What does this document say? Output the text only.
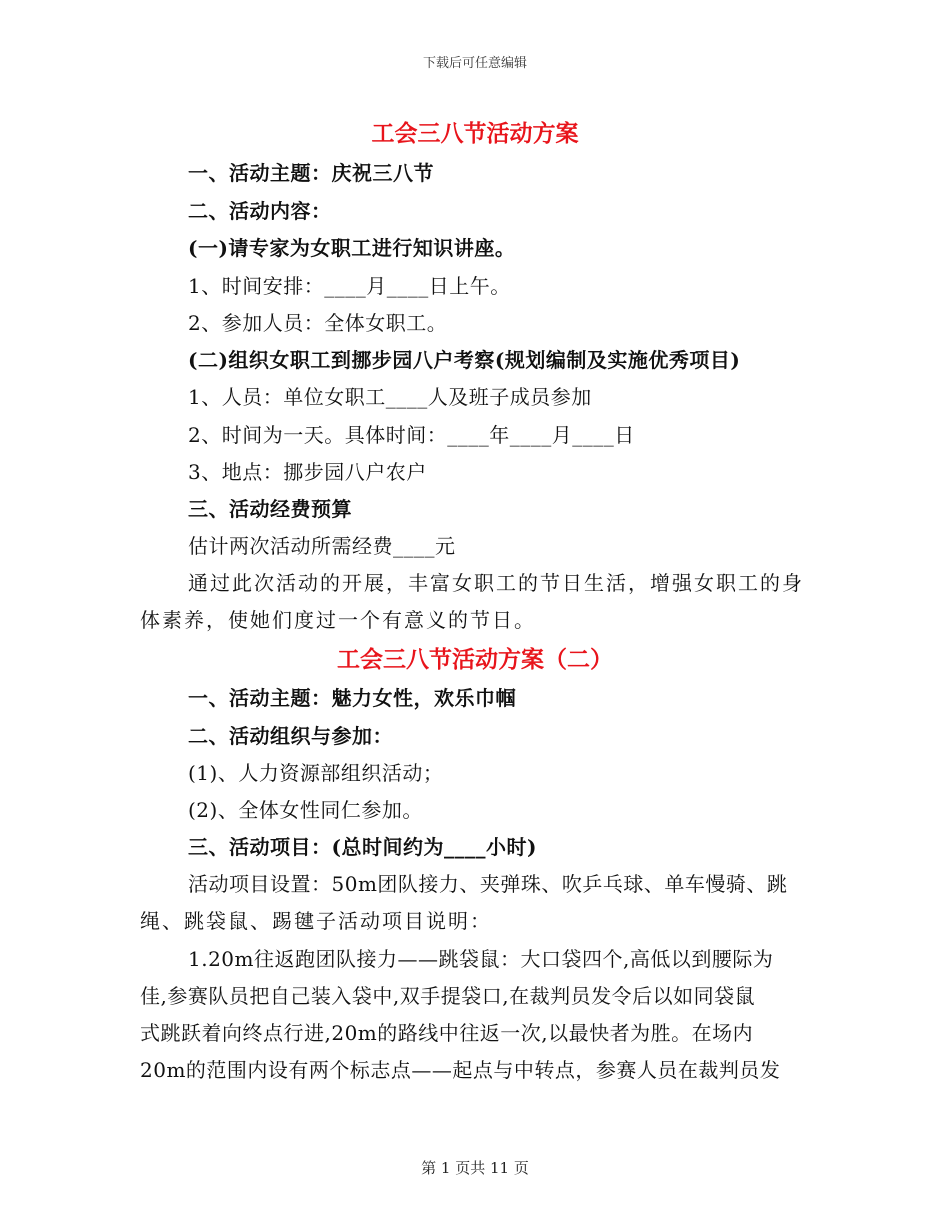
下载后可任意编辑
工会三八节活动方案
一、活动主题：庆祝三八节
二、活动内容：
(一)请专家为女职工进行知识讲座。
1、时间安排：____月____日上午。
2、参加人员：全体女职工。
(二)组织女职工到挪步园八户考察(规划编制及实施优秀项目)
1、人员：单位女职工____人及班子成员参加
2、时间为一天。具体时间：____年____月____日
3、地点：挪步园八户农户
三、活动经费预算
估计两次活动所需经费____元
通过此次活动的开展，丰富女职工的节日生活，增强女职工的身
体素养，使她们度过一个有意义的节日。
工会三八节活动方案（二）
一、活动主题：魅力女性，欢乐巾帼
二、活动组织与参加：
(1)、人力资源部组织活动；
(2)、全体女性同仁参加。
三、活动项目：(总时间约为____小时)
活动项目设置：50m团队接力、夹弹珠、吹乒乓球、单车慢骑、跳
绳、跳袋鼠、踢毽子活动项目说明：
1.20m往返跑团队接力——跳袋鼠：大口袋四个,高低以到腰际为
佳,参赛队员把自己装入袋中,双手提袋口,在裁判员发令后以如同袋鼠
式跳跃着向终点行进,20m的路线中往返一次,以最快者为胜。在场内
20m的范围内设有两个标志点——起点与中转点，参赛人员在裁判员发
第 1 页共 11 页
